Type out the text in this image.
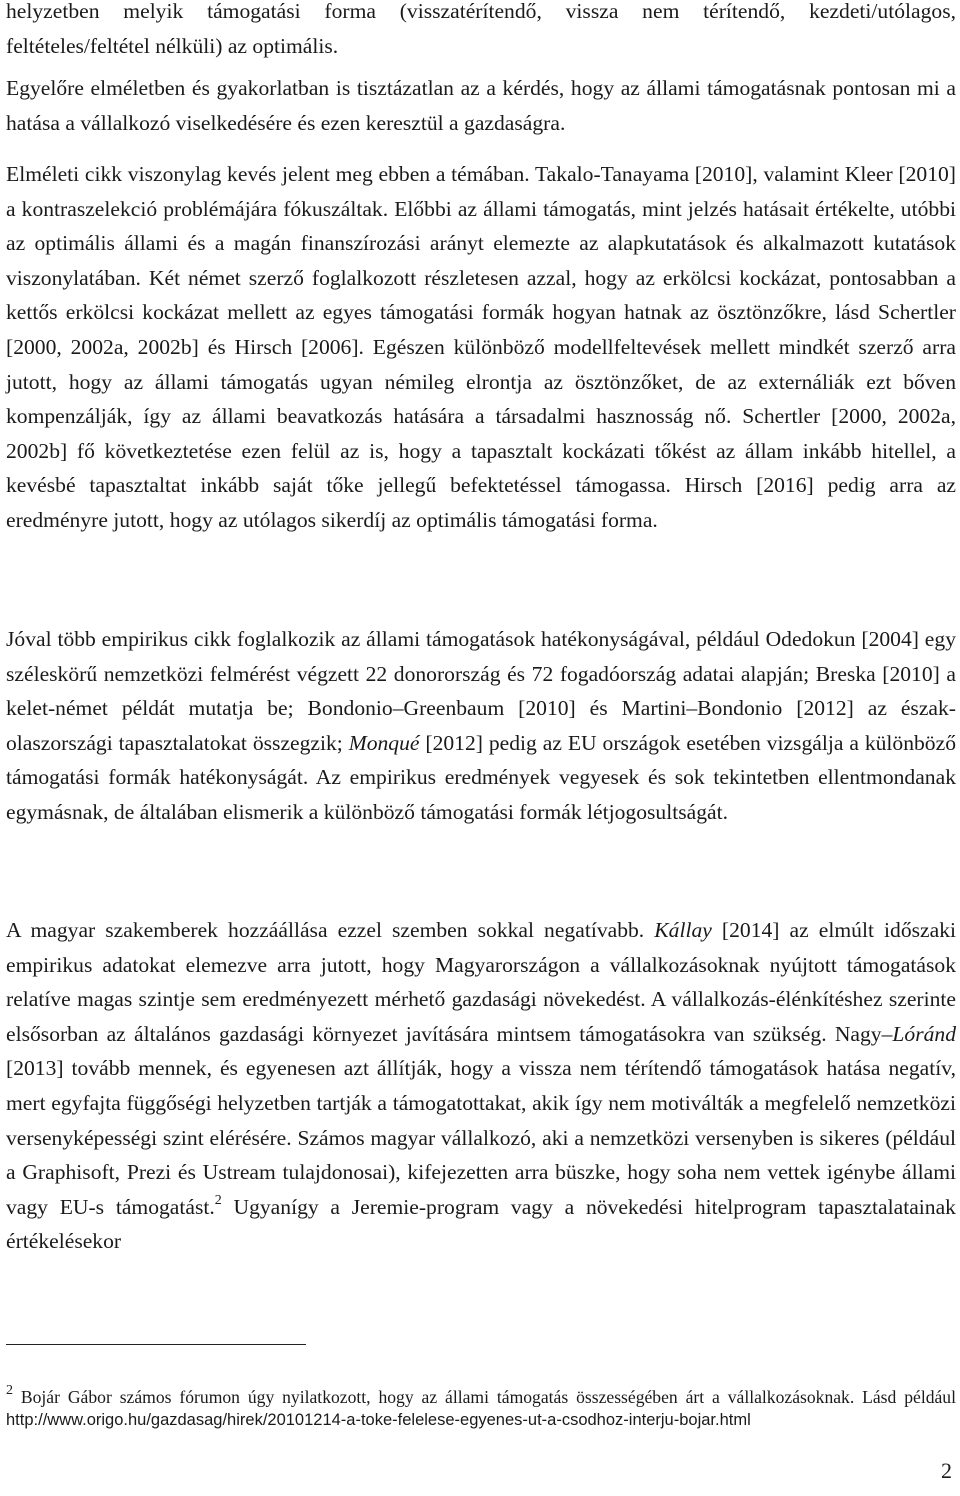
helyzetben melyik támogatási forma (visszatérítendő, vissza nem térítendő, kezdeti/utólagos, feltételes/feltétel nélküli) az optimális.

Egyelőre elméletben és gyakorlatban is tisztázatlan az a kérdés, hogy az állami támogatásnak pontosan mi a hatása a vállalkozó viselkedésére és ezen keresztül a gazdaságra.

Elméleti cikk viszonylag kevés jelent meg ebben a témában. Takalo-Tanayama [2010], valamint Kleer [2010] a kontraszelekció problémájára fókuszáltak. Előbbi az állami támogatás, mint jelzés hatásait értékelte, utóbbi az optimális állami és a magán finanszírozási arányt elemezte az alapkutatások és alkalmazott kutatások viszonylatában. Két német szerző foglalkozott részletesen azzal, hogy az erkölcsi kockázat, pontosabban a kettős erkölcsi kockázat mellett az egyes támogatási formák hogyan hatnak az ösztönzőkre, lásd Schertler [2000, 2002a, 2002b] és Hirsch [2006]. Egészen különböző modellfeltevések mellett mindkét szerző arra jutott, hogy az állami támogatás ugyan némileg elrontja az ösztönzőket, de az externáliák ezt bőven kompenzálják, így az állami beavatkozás hatására a társadalmi hasznosság nő. Schertler [2000, 2002a, 2002b] fő következtetése ezen felül az is, hogy a tapasztalt kockázati tőkést az állam inkább hitellel, a kevésbé tapasztaltat inkább saját tőke jellegű befektetéssel támogassa. Hirsch [2016] pedig arra az eredményre jutott, hogy az utólagos sikerdíj az optimális támogatási forma.

Jóval több empirikus cikk foglalkozik az állami támogatások hatékonyságával, például Odedokun [2004] egy széleskörű nemzetközi felmérést végzett 22 donorország és 72 fogadóország adatai alapján; Breska [2010] a kelet-német példát mutatja be; Bondonio–Greenbaum [2010] és Martini–Bondonio [2012] az észak-olaszországi tapasztalatokat összegzik; Monqué [2012] pedig az EU országok esetében vizsgálja a különböző támogatási formák hatékonyságát. Az empirikus eredmények vegyesek és sok tekintetben ellentmondanak egymásnak, de általában elismerik a különböző támogatási formák létjogosultságát.

A magyar szakemberek hozzáállása ezzel szemben sokkal negatívabb. Kállay [2014] az elmúlt időszaki empirikus adatokat elemezve arra jutott, hogy Magyarországon a vállalkozásoknak nyújtott támogatások relatíve magas szintje sem eredményezett mérhető gazdasági növekedést. A vállalkozás-élénkítéshez szerinte elsősorban az általános gazdasági környezet javítására mintsem támogatásokra van szükség. Nagy–Lóránd [2013] tovább mennek, és egyenesen azt állítják, hogy a vissza nem térítendő támogatások hatása negatív, mert egyfajta függőségi helyzetben tartják a támogatottakat, akik így nem motiválták a megfelelő nemzetközi versenyképességi szint elérésére. Számos magyar vállalkozó, aki a nemzetközi versenyben is sikeres (például a Graphisoft, Prezi és Ustream tulajdonosai), kifejezetten arra büszke, hogy soha nem vettek igénybe állami vagy EU-s támogatást.$^2$ Ugyanígy a Jeremie-program vagy a növekedési hitelprogram tapasztalatainak értékelésekor

$^2$ Bojár Gábor számos fórumon úgy nyilatkozott, hogy az állami támogatás összességében árt a vállalkozásoknak. Lásd például http://www.origo.hu/gazdasag/hirek/20101214-a-toke-felelese-egyenes-ut-a-csodhoz-interju-bojar.html

2
